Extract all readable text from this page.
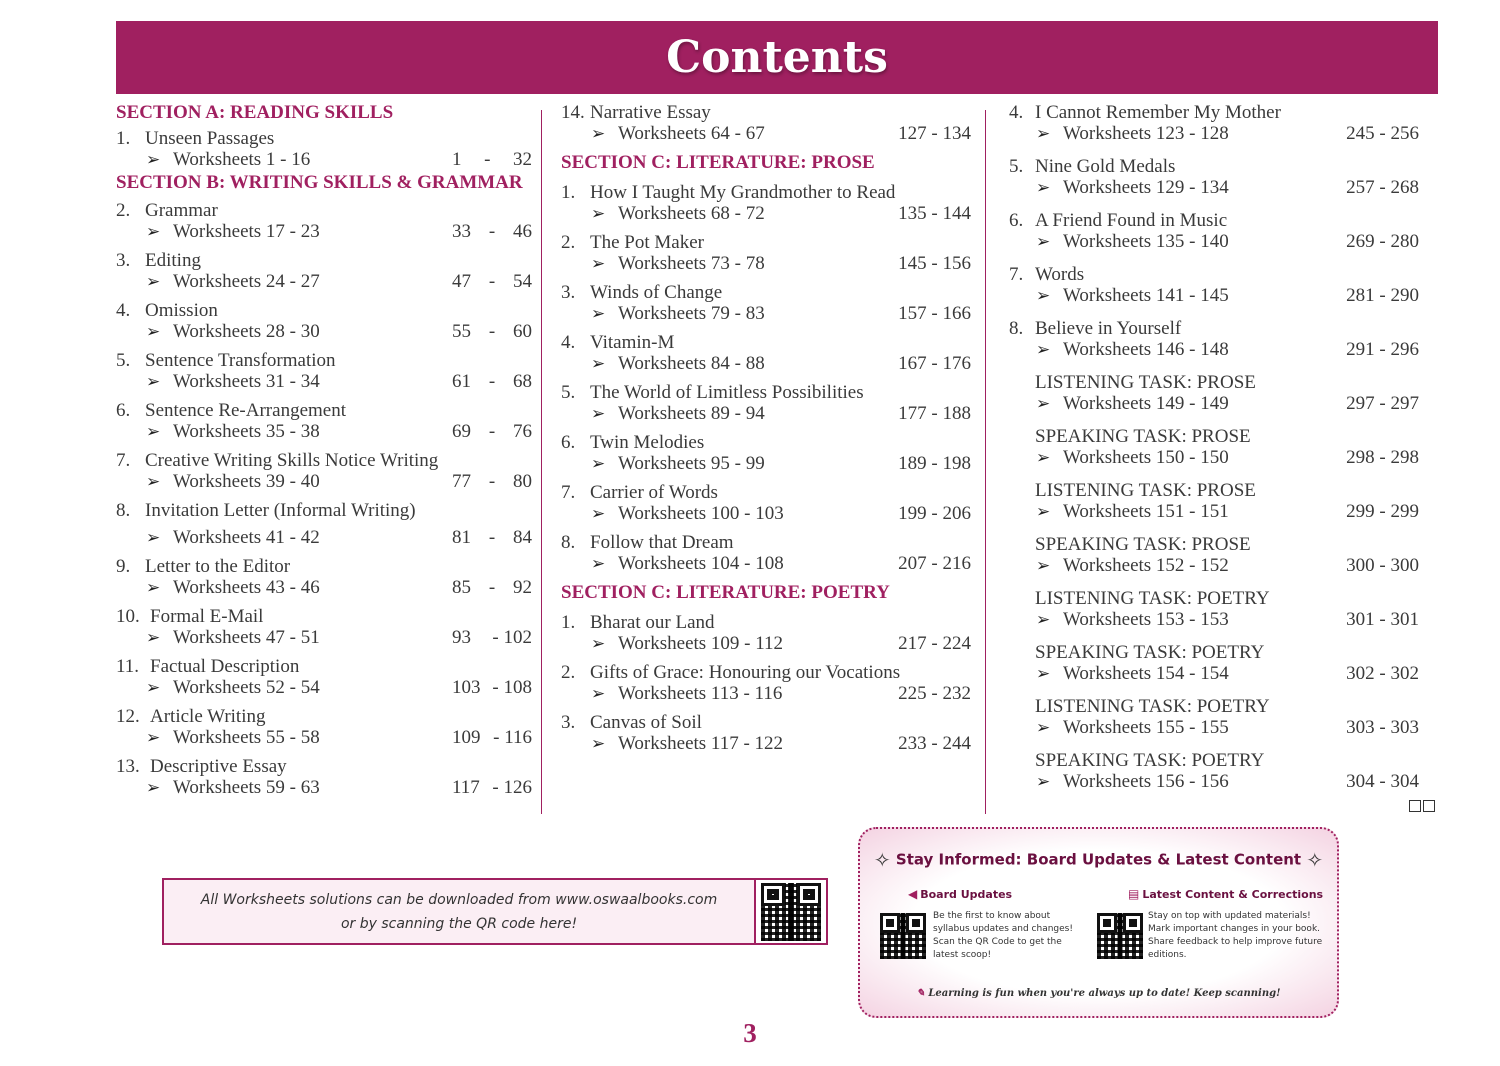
Contents
SECTION A: READING SKILLS
1. Unseen Passages
➢ Worksheets 1 - 16	1 - 32
SECTION B: WRITING SKILLS & GRAMMAR
2. Grammar
➢ Worksheets 17 - 23	33 - 46
3. Editing
➢ Worksheets 24 - 27	47 - 54
4. Omission
➢ Worksheets 28 - 30	55 - 60
5. Sentence Transformation
➢ Worksheets 31 - 34	61 - 68
6. Sentence Re-Arrangement
➢ Worksheets 35 - 38	69 - 76
7. Creative Writing Skills Notice Writing
➢ Worksheets 39 - 40	77 - 80
8. Invitation Letter (Informal Writing)
➢ Worksheets 41 - 42	81 - 84
9. Letter to the Editor
➢ Worksheets 43 - 46	85 - 92
10. Formal E-Mail
➢ Worksheets 47 - 51	93 - 102
11. Factual Description
➢ Worksheets 52 - 54	103 - 108
12. Article Writing
➢ Worksheets 55 - 58	109 - 116
13. Descriptive Essay
➢ Worksheets 59 - 63	117 - 126
14. Narrative Essay
➢ Worksheets 64 - 67	127 - 134
SECTION C: LITERATURE: PROSE
1. How I Taught My Grandmother to Read
➢ Worksheets 68 - 72	135 - 144
2. The Pot Maker
➢ Worksheets 73 - 78	145 - 156
3. Winds of Change
➢ Worksheets 79 - 83	157 - 166
4. Vitamin-M
➢ Worksheets 84 - 88	167 - 176
5. The World of Limitless Possibilities
➢ Worksheets 89 - 94	177 - 188
6. Twin Melodies
➢ Worksheets 95 - 99	189 - 198
7. Carrier of Words
➢ Worksheets 100 - 103	199 - 206
8. Follow that Dream
➢ Worksheets 104 - 108	207 - 216
SECTION C: LITERATURE: POETRY
1. Bharat our Land
➢ Worksheets 109 - 112	217 - 224
2. Gifts of Grace: Honouring our Vocations
➢ Worksheets 113 - 116	225 - 232
3. Canvas of Soil
➢ Worksheets 117 - 122	233 - 244
4. I Cannot Remember My Mother
➢ Worksheets 123 - 128	245 - 256
5. Nine Gold Medals
➢ Worksheets 129 - 134	257 - 268
6. A Friend Found in Music
➢ Worksheets 135 - 140	269 - 280
7. Words
➢ Worksheets 141 - 145	281 - 290
8. Believe in Yourself
➢ Worksheets 146 - 148	291 - 296
LISTENING TASK: PROSE
➢ Worksheets 149 - 149	297 - 297
SPEAKING TASK: PROSE
➢ Worksheets 150 - 150	298 - 298
LISTENING TASK: PROSE
➢ Worksheets 151 - 151	299 - 299
SPEAKING TASK: PROSE
➢ Worksheets 152 - 152	300 - 300
LISTENING TASK: POETRY
➢ Worksheets 153 - 153	301 - 301
SPEAKING TASK: POETRY
➢ Worksheets 154 - 154	302 - 302
LISTENING TASK: POETRY
➢ Worksheets 155 - 155	303 - 303
SPEAKING TASK: POETRY
➢ Worksheets 156 - 156	304 - 304
All Worksheets solutions can be downloaded from www.oswaalbooks.com
or by scanning the QR code here!
✧ Stay Informed: Board Updates & Latest Content ✧
◀ Board Updates
Be the first to know about syllabus updates and changes! Scan the QR Code to get the latest scoop!
▤ Latest Content & Corrections
Stay on top with updated materials! Mark important changes in your book. Share feedback to help improve future editions.
✎ Learning is fun when you're always up to date! Keep scanning!
3
